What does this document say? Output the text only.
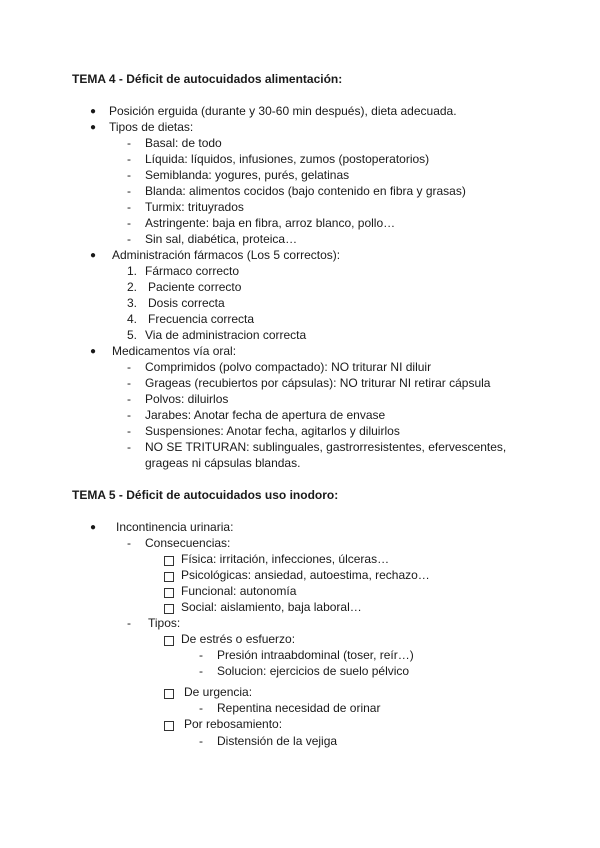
TEMA 4 - Déficit de autocuidados alimentación:
● Posición erguida (durante y 30-60 min después), dieta adecuada.
● Tipos de dietas:
- Basal: de todo
- Líquida: líquidos, infusiones, zumos (postoperatorios)
- Semiblanda: yogures, purés, gelatinas
- Blanda: alimentos cocidos (bajo contenido en fibra y grasas)
- Turmix: trituyrados
- Astringente: baja en fibra, arroz blanco, pollo…
- Sin sal, diabética, proteica…
● Administración fármacos (Los 5 correctos):
1. Fármaco correcto
2. Paciente correcto
3. Dosis correcta
4. Frecuencia correcta
5. Via de administracion correcta
● Medicamentos vía oral:
- Comprimidos (polvo compactado): NO triturar NI diluir
- Grageas (recubiertos por cápsulas): NO triturar NI retirar cápsula
- Polvos: diluirlos
- Jarabes: Anotar fecha de apertura de envase
- Suspensiones: Anotar fecha, agitarlos y diluirlos
- NO SE TRITURAN: sublinguales, gastrorresistentes, efervescentes,
grageas ni cápsulas blandas.
TEMA 5 - Déficit de autocuidados uso inodoro:
● Incontinencia urinaria:
- Consecuencias:
Física: irritación, infecciones, úlceras…
Psicológicas: ansiedad, autoestima, rechazo…
Funcional: autonomía
Social: aislamiento, baja laboral…
- Tipos:
De estrés o esfuerzo:
- Presión intraabdominal (toser, reír…)
- Solucion: ejercicios de suelo pélvico
De urgencia:
- Repentina necesidad de orinar
Por rebosamiento:
- Distensión de la vejiga
